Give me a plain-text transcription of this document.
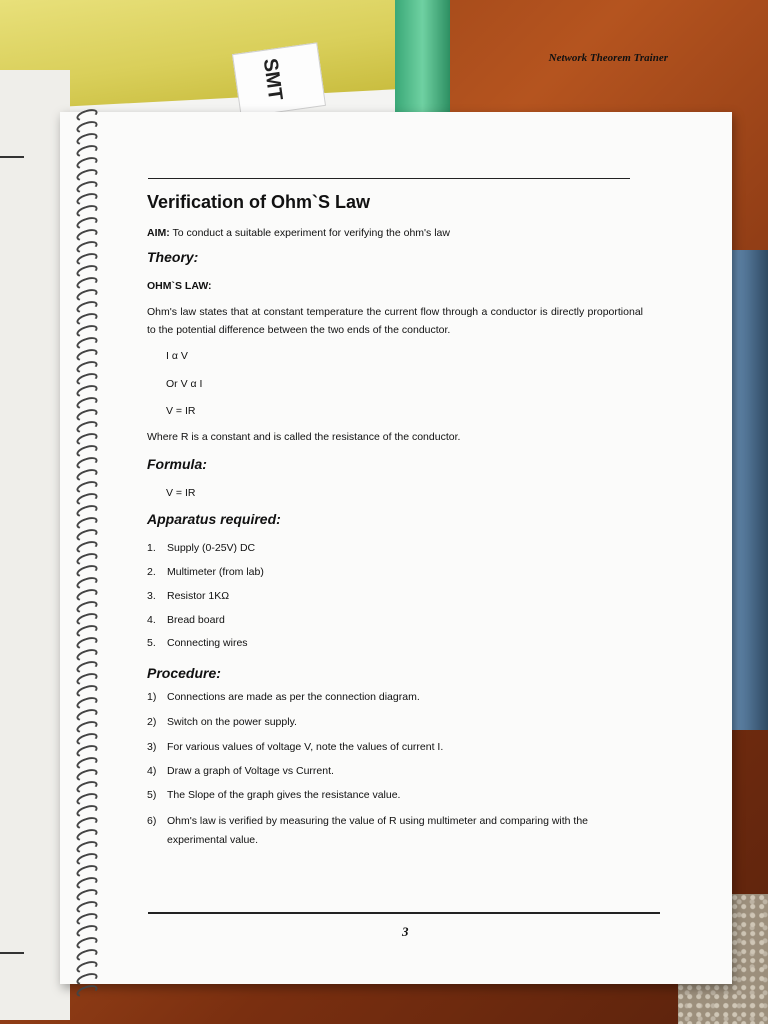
SMT	Network Theorem Trainer
Verification of Ohm`S Law
AIM: To conduct a suitable experiment for verifying the ohm's law
Theory:
OHM`S LAW:
Ohm's law states that at constant temperature the current flow through a conductor is directly proportional to the potential difference between the two ends of the conductor.
I α V
Or V α I
V = IR
Where R is a constant and is called the resistance of the conductor.
Formula:
V = IR
Apparatus required:
1. Supply (0-25V) DC
2. Multimeter (from lab)
3. Resistor 1KΩ
4. Bread board
5. Connecting wires
Procedure:
1) Connections are made as per the connection diagram.
2) Switch on the power supply.
3) For various values of voltage V, note the values of current I.
4) Draw a graph of Voltage vs Current.
5) The Slope of the graph gives the resistance value.
6) Ohm's law is verified by measuring the value of R using multimeter and comparing with the
experimental value.
3
